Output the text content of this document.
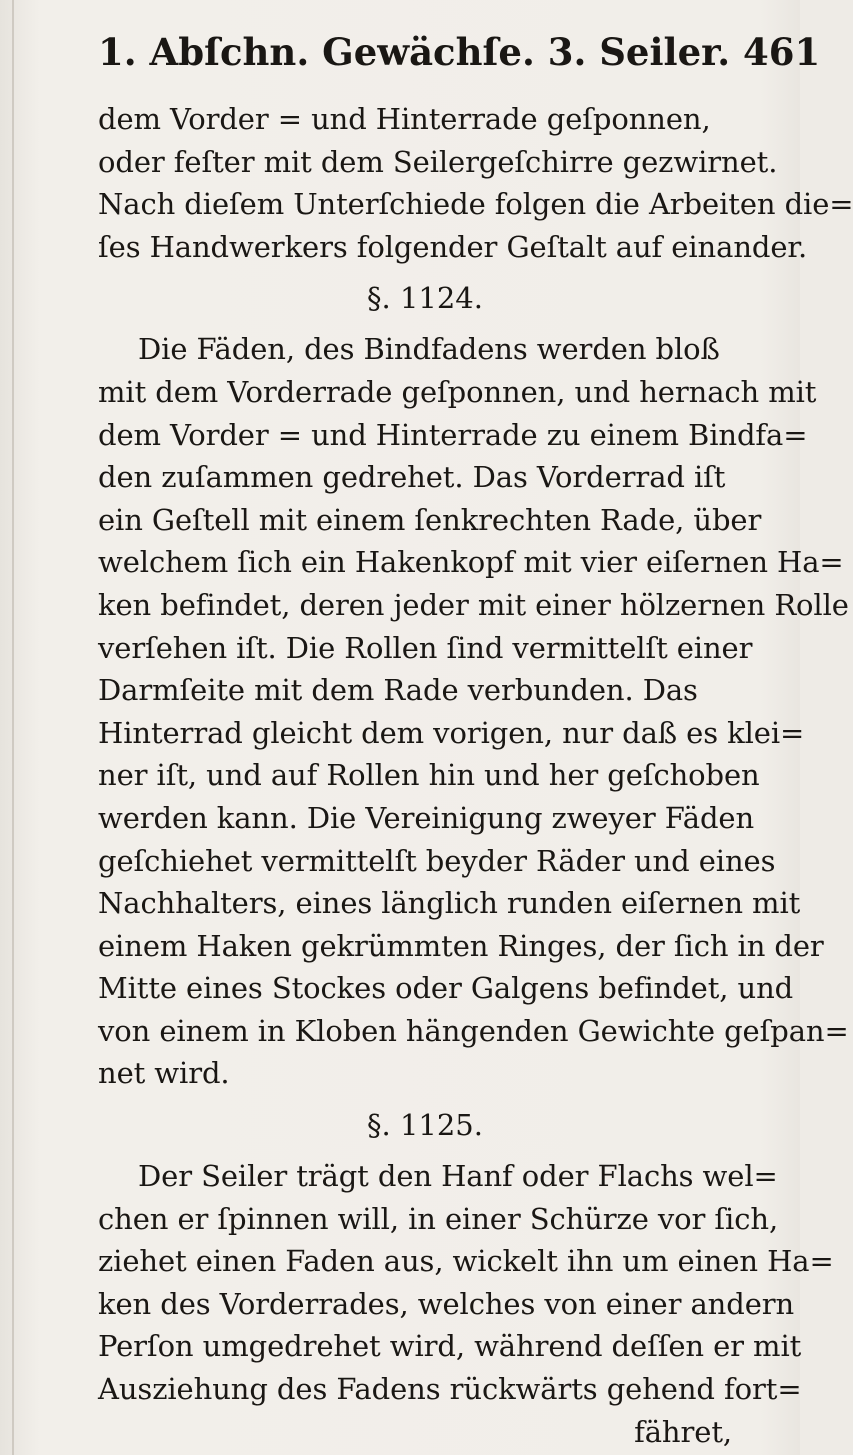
1. Abſchn. Gewächſe. 3. Seiler. 461
dem Vorder = und Hinterrade geſponnen,
oder feſter mit dem Seilergeſchirre gezwirnet.
Nach dieſem Unterſchiede folgen die Arbeiten die=
ſes Handwerkers folgender Geſtalt auf einander.
§. 1124.
Die Fäden, des Bindfadens werden bloß
mit dem Vorderrade geſponnen, und hernach mit
dem Vorder = und Hinterrade zu einem Bindfa=
den zuſammen gedrehet. Das Vorderrad iſt
ein Geſtell mit einem ſenkrechten Rade, über
welchem ſich ein Hakenkopf mit vier eiſernen Ha=
ken befindet, deren jeder mit einer hölzernen Rolle
verſehen iſt. Die Rollen ſind vermittelſt einer
Darmſeite mit dem Rade verbunden. Das
Hinterrad gleicht dem vorigen, nur daß es klei=
ner iſt, und auf Rollen hin und her geſchoben
werden kann. Die Vereinigung zweyer Fäden
geſchiehet vermittelſt beyder Räder und eines
Nachhalters, eines länglich runden eiſernen mit
einem Haken gekrümmten Ringes, der ſich in der
Mitte eines Stockes oder Galgens befindet, und
von einem in Kloben hängenden Gewichte geſpan=
net wird.
§. 1125.
Der Seiler trägt den Hanf oder Flachs wel=
chen er ſpinnen will, in einer Schürze vor ſich,
ziehet einen Faden aus, wickelt ihn um einen Ha=
ken des Vorderrades, welches von einer andern
Perſon umgedrehet wird, während deſſen er mit
Ausziehung des Fadens rückwärts gehend fort=
fähret,
